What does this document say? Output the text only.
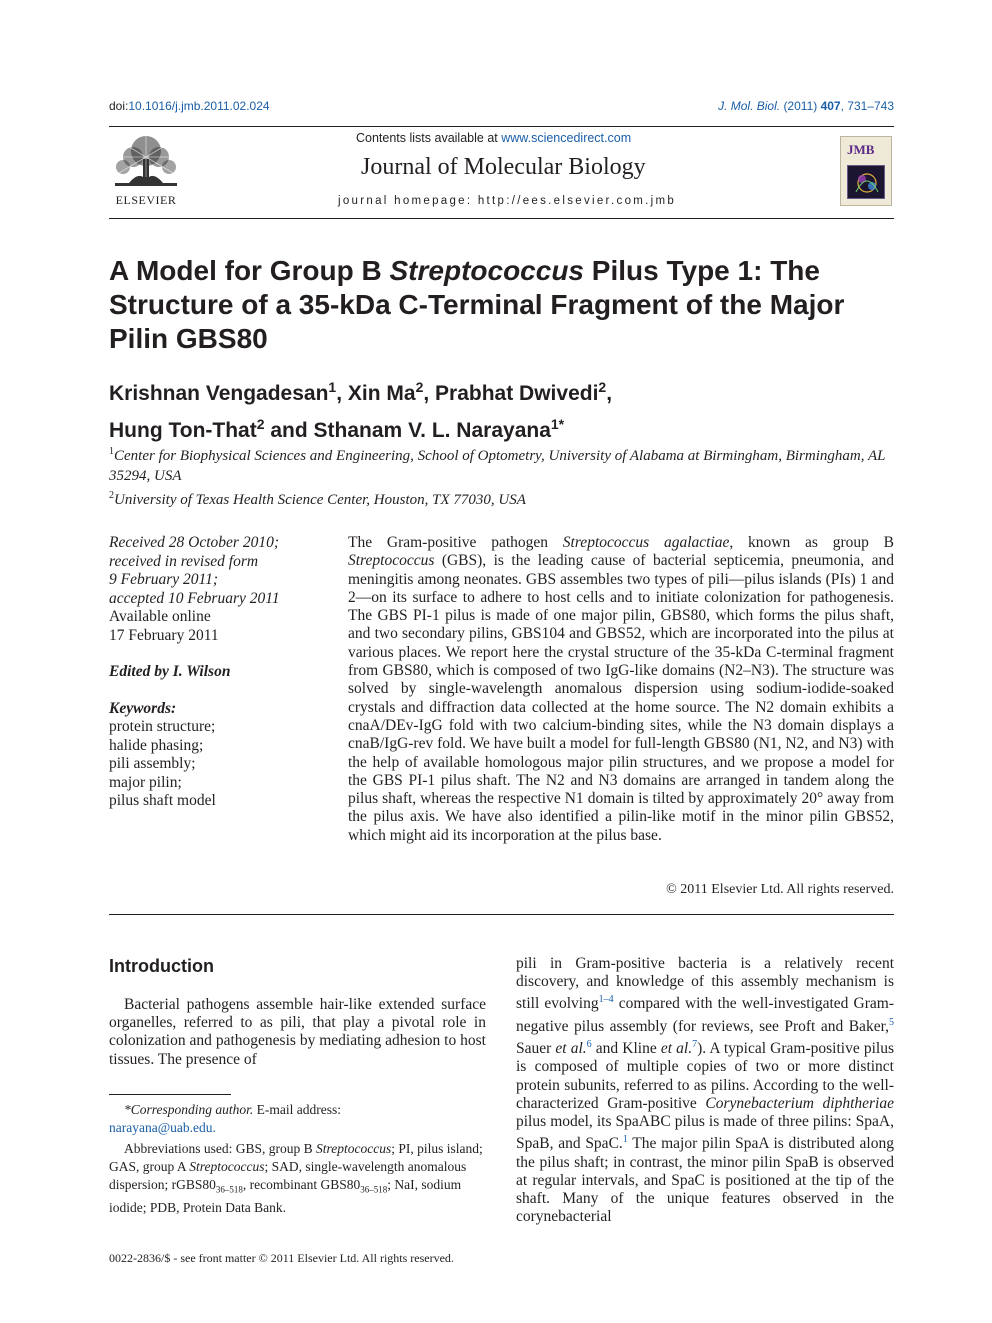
doi:10.1016/j.jmb.2011.02.024	J. Mol. Biol. (2011) 407, 731–743
ELSEVIER
Contents lists available at www.sciencedirect.com
Journal of Molecular Biology
journal homepage: http://ees.elsevier.com.jmb
JMB
A Model for Group B Streptococcus Pilus Type 1: The Structure of a 35-kDa C-Terminal Fragment of the Major Pilin GBS80
Krishnan Vengadesan$^1$, Xin Ma$^2$, Prabhat Dwivedi$^2$,
Hung Ton-That$^2$ and Sthanam V. L. Narayana$^{1*}$
$^1$Center for Biophysical Sciences and Engineering, School of Optometry, University of Alabama at Birmingham, Birmingham, AL 35294, USA
$^2$University of Texas Health Science Center, Houston, TX 77030, USA
Received 28 October 2010;
received in revised form
9 February 2011;
accepted 10 February 2011
Available online
17 February 2011
Edited by I. Wilson
Keywords:
protein structure;
halide phasing;
pili assembly;
major pilin;
pilus shaft model
The Gram-positive pathogen Streptococcus agalactiae, known as group B Streptococcus (GBS), is the leading cause of bacterial septicemia, pneumonia, and meningitis among neonates. GBS assembles two types of pili—pilus islands (PIs) 1 and 2—on its surface to adhere to host cells and to initiate colonization for pathogenesis. The GBS PI-1 pilus is made of one major pilin, GBS80, which forms the pilus shaft, and two secondary pilins, GBS104 and GBS52, which are incorporated into the pilus at various places. We report here the crystal structure of the 35-kDa C-terminal fragment from GBS80, which is composed of two IgG-like domains (N2–N3). The structure was solved by single-wavelength anomalous dispersion using sodium-iodide-soaked crystals and diffraction data collected at the home source. The N2 domain exhibits a cnaA/DEv-IgG fold with two calcium-binding sites, while the N3 domain displays a cnaB/IgG-rev fold. We have built a model for full-length GBS80 (N1, N2, and N3) with the help of available homologous major pilin structures, and we propose a model for the GBS PI-1 pilus shaft. The N2 and N3 domains are arranged in tandem along the pilus shaft, whereas the respective N1 domain is tilted by approximately 20° away from the pilus axis. We have also identified a pilin-like motif in the minor pilin GBS52, which might aid its incorporation at the pilus base.
© 2011 Elsevier Ltd. All rights reserved.
Introduction
Bacterial pathogens assemble hair-like extended surface organelles, referred to as pili, that play a pivotal role in colonization and pathogenesis by mediating adhesion to host tissues. The presence of
pili in Gram-positive bacteria is a relatively recent discovery, and knowledge of this assembly mechanism is still evolving$^{1-4}$ compared with the well-investigated Gram-negative pilus assembly (for reviews, see Proft and Baker,$^5$ Sauer et al.$^6$ and Kline et al.$^7$). A typical Gram-positive pilus is composed of multiple copies of two or more distinct protein subunits, referred to as pilins. According to the well-characterized Gram-positive Corynebacterium diphtheriae pilus model, its SpaABC pilus is made of three pilins: SpaA, SpaB, and SpaC.$^1$ The major pilin SpaA is distributed along the pilus shaft; in contrast, the minor pilin SpaB is observed at regular intervals, and SpaC is positioned at the tip of the shaft. Many of the unique features observed in the corynebacterial
*Corresponding author. E-mail address:
narayana@uab.edu.
Abbreviations used: GBS, group B Streptococcus; PI, pilus island; GAS, group A Streptococcus; SAD, single-wavelength anomalous dispersion; $rGBS80_{36-518}$, recombinant $GBS80_{36-518}$; NaI, sodium iodide; PDB, Protein Data Bank.
0022-2836/$ - see front matter © 2011 Elsevier Ltd. All rights reserved.
